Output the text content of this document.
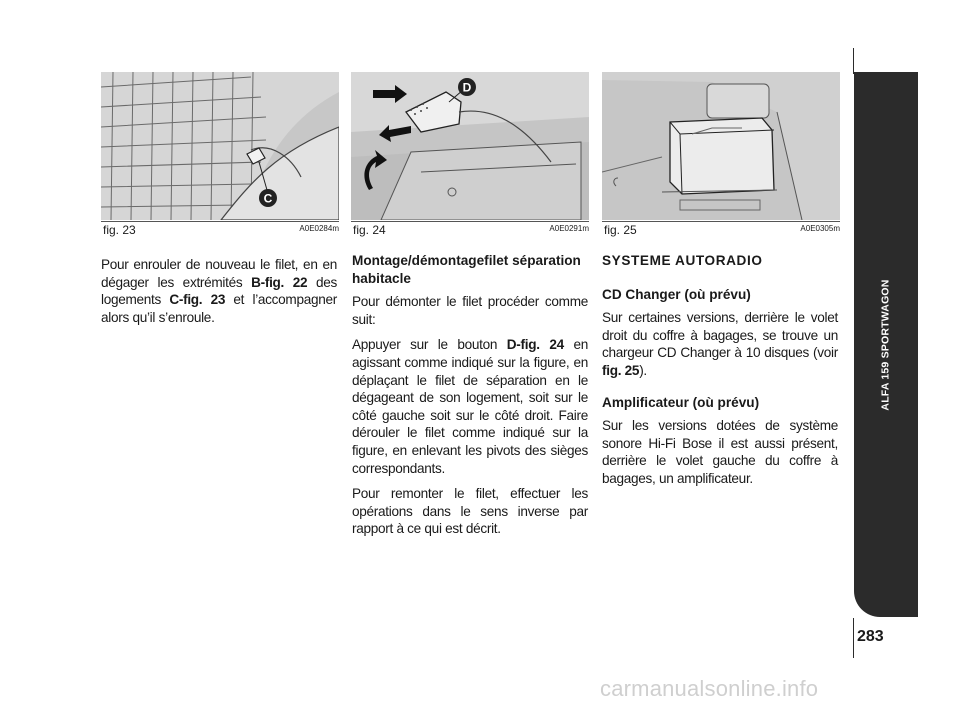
C
fig. 23	A0E0284m
D
fig. 24	A0E0291m fig. 25	A0E0305m

Pour enrouler de nouveau le filet, en en dégager les extrémités B-fig. 22 des logements C-fig. 23 et l’accompagner alors qu’il s’enroule.

Montage/démontagefilet séparation habitacle

Pour démonter le filet procéder comme suit:

Appuyer sur le bouton D-fig. 24 en agissant comme indiqué sur la figure, en déplaçant le filet de séparation en le dégageant de son logement, soit sur le côté gauche soit sur le côté droit. Faire dérouler le filet comme indiqué sur la figure, en enlevant les pivots des sièges correspondants.

Pour remonter le filet, effectuer les opérations dans le sens inverse par rapport à ce qui est décrit.

SYSTEME AUTORADIO
CD Changer (où prévu)

Sur certaines versions, derrière le volet droit du coffre à bagages, se trouve un chargeur CD Changer à 10 disques (voir fig. 25).

Amplificateur (où prévu)

Sur les versions dotées de système sonore Hi-Fi Bose il est aussi présent, derrière le volet gauche du coffre à bagages, un amplificateur.

ALFA 159 SPORTWAGON
283
carmanualsonline.info
